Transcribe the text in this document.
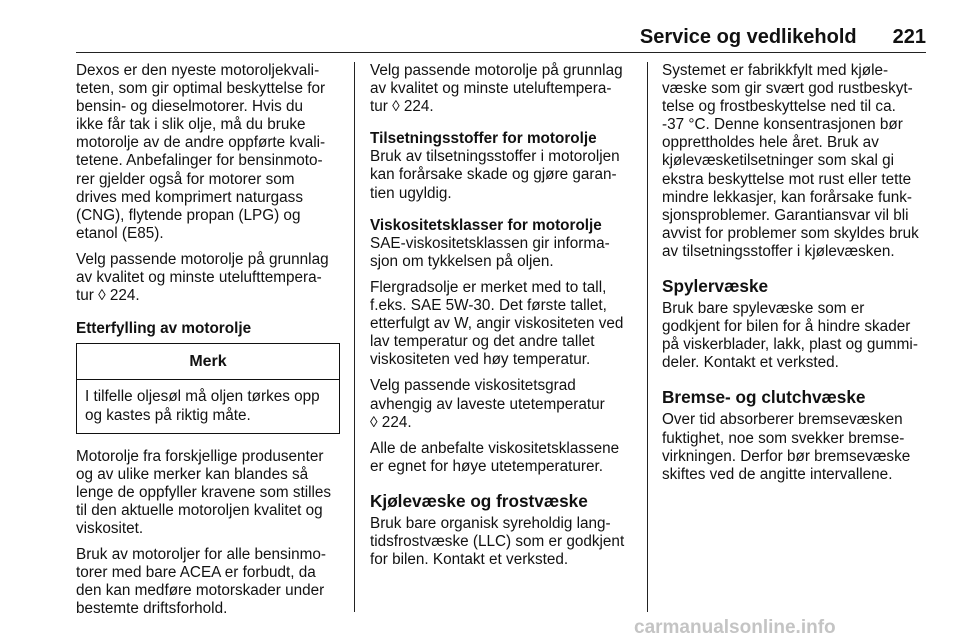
Service og vedlikehold 221

Dexos er den nyeste motoroljekvali-
teten, som gir optimal beskyttelse for
bensin- og dieselmotorer. Hvis du
ikke får tak i slik olje, må du bruke
motorolje av de andre oppførte kvali-
tetene. Anbefalinger for bensinmoto-
rer gjelder også for motorer som
drives med komprimert naturgass
(CNG), flytende propan (LPG) og
etanol (E85).

Velg passende motorolje på grunnlag
av kvalitet og minste utelufttempera-
tur ◊ 224.

Etterfylling av motorolje
Merk
I tilfelle oljesøl må oljen tørkes opp
og kastes på riktig måte.

Motorolje fra forskjellige produsenter
og av ulike merker kan blandes så
lenge de oppfyller kravene som stilles
til den aktuelle motoroljen kvalitet og
viskositet.

Bruk av motoroljer for alle bensinmo-
torer med bare ACEA er forbudt, da
den kan medføre motorskader under
bestemte driftsforhold.

Velg passende motorolje på grunnlag
av kvalitet og minste uteluftempera-
tur ◊ 224.

Tilsetningsstoffer for motorolje

Bruk av tilsetningsstoffer i motoroljen
kan forårsake skade og gjøre garan-
tien ugyldig.

Viskositetsklasser for motorolje

SAE-viskositetsklassen gir informa-
sjon om tykkelsen på oljen.

Flergradsolje er merket med to tall,
f.eks. SAE 5W-30. Det første tallet,
etterfulgt av W, angir viskositeten ved
lav temperatur og det andre tallet
viskositeten ved høy temperatur.

Velg passende viskositetsgrad
avhengig av laveste utetemperatur
◊ 224.

Alle de anbefalte viskositetsklassene
er egnet for høye utetemperaturer.

Kjølevæske og frostvæske

Bruk bare organisk syreholdig lang-
tidsfrostvæske (LLC) som er godkjent
for bilen. Kontakt et verksted.

Systemet er fabrikkfylt med kjøle-
væske som gir svært god rustbeskyt-
telse og frostbeskyttelse ned til ca.
-37 °C. Denne konsentrasjonen bør
opprettholdes hele året. Bruk av
kjølevæsketilsetninger som skal gi
ekstra beskyttelse mot rust eller tette
mindre lekkasjer, kan forårsake funk-
sjonsproblemer. Garantiansvar vil bli
avvist for problemer som skyldes bruk
av tilsetningsstoffer i kjølevæsken.

Spylervæske

Bruk bare spylevæske som er
godkjent for bilen for å hindre skader
på viskerblader, lakk, plast og gummi-
deler. Kontakt et verksted.

Bremse- og clutchvæske

Over tid absorberer bremsevæsken
fuktighet, noe som svekker bremse-
virkningen. Derfor bør bremsevæske
skiftes ved de angitte intervallene.

carmanualsonline.info
